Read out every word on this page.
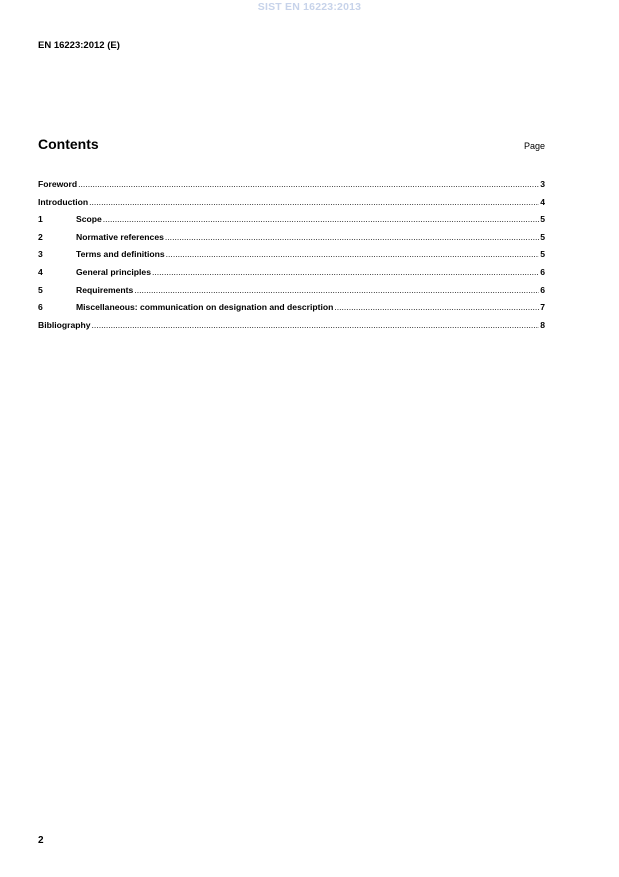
SIST EN 16223:2013
EN 16223:2012 (E)
Contents	Page
Foreword .....	3
Introduction .....	4
1	Scope .....	5
2	Normative references .....	5
3	Terms and definitions .....	5
4	General principles .....	6
5	Requirements .....	6
6	Miscellaneous: communication on designation and description .....	7
Bibliography .....	8
2
